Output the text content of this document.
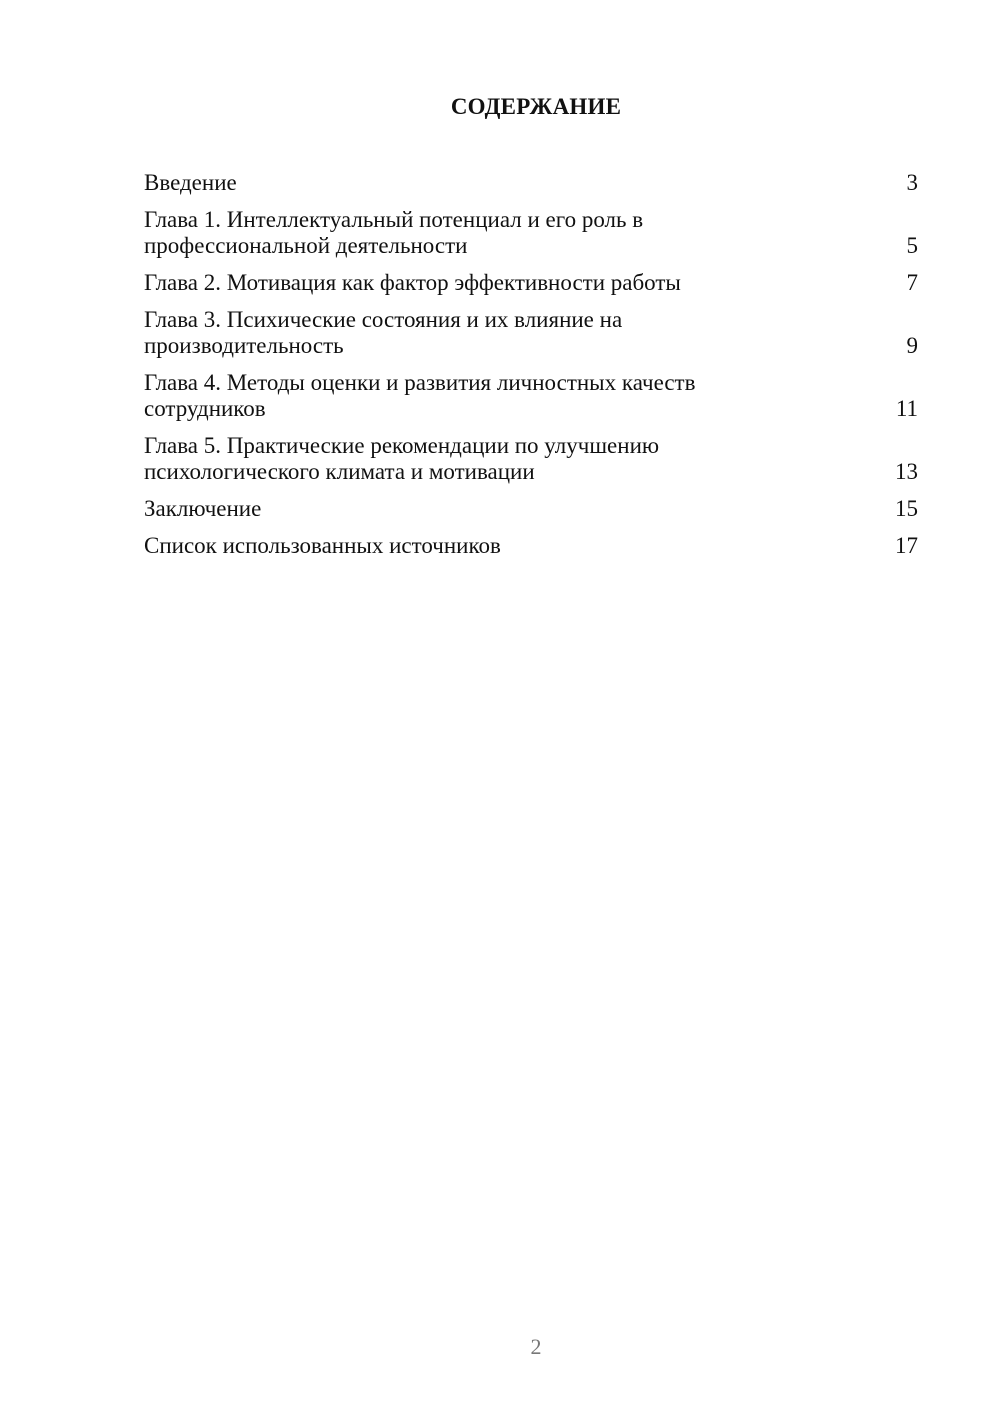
СОДЕРЖАНИЕ
Введение	3
Глава 1. Интеллектуальный потенциал и его роль в профессиональной деятельности	5
Глава 2. Мотивация как фактор эффективности работы	7
Глава 3. Психические состояния и их влияние на производительность	9
Глава 4. Методы оценки и развития личностных качеств сотрудников	11
Глава 5. Практические рекомендации по улучшению психологического климата и мотивации	13
Заключение	15
Список использованных источников	17
2
